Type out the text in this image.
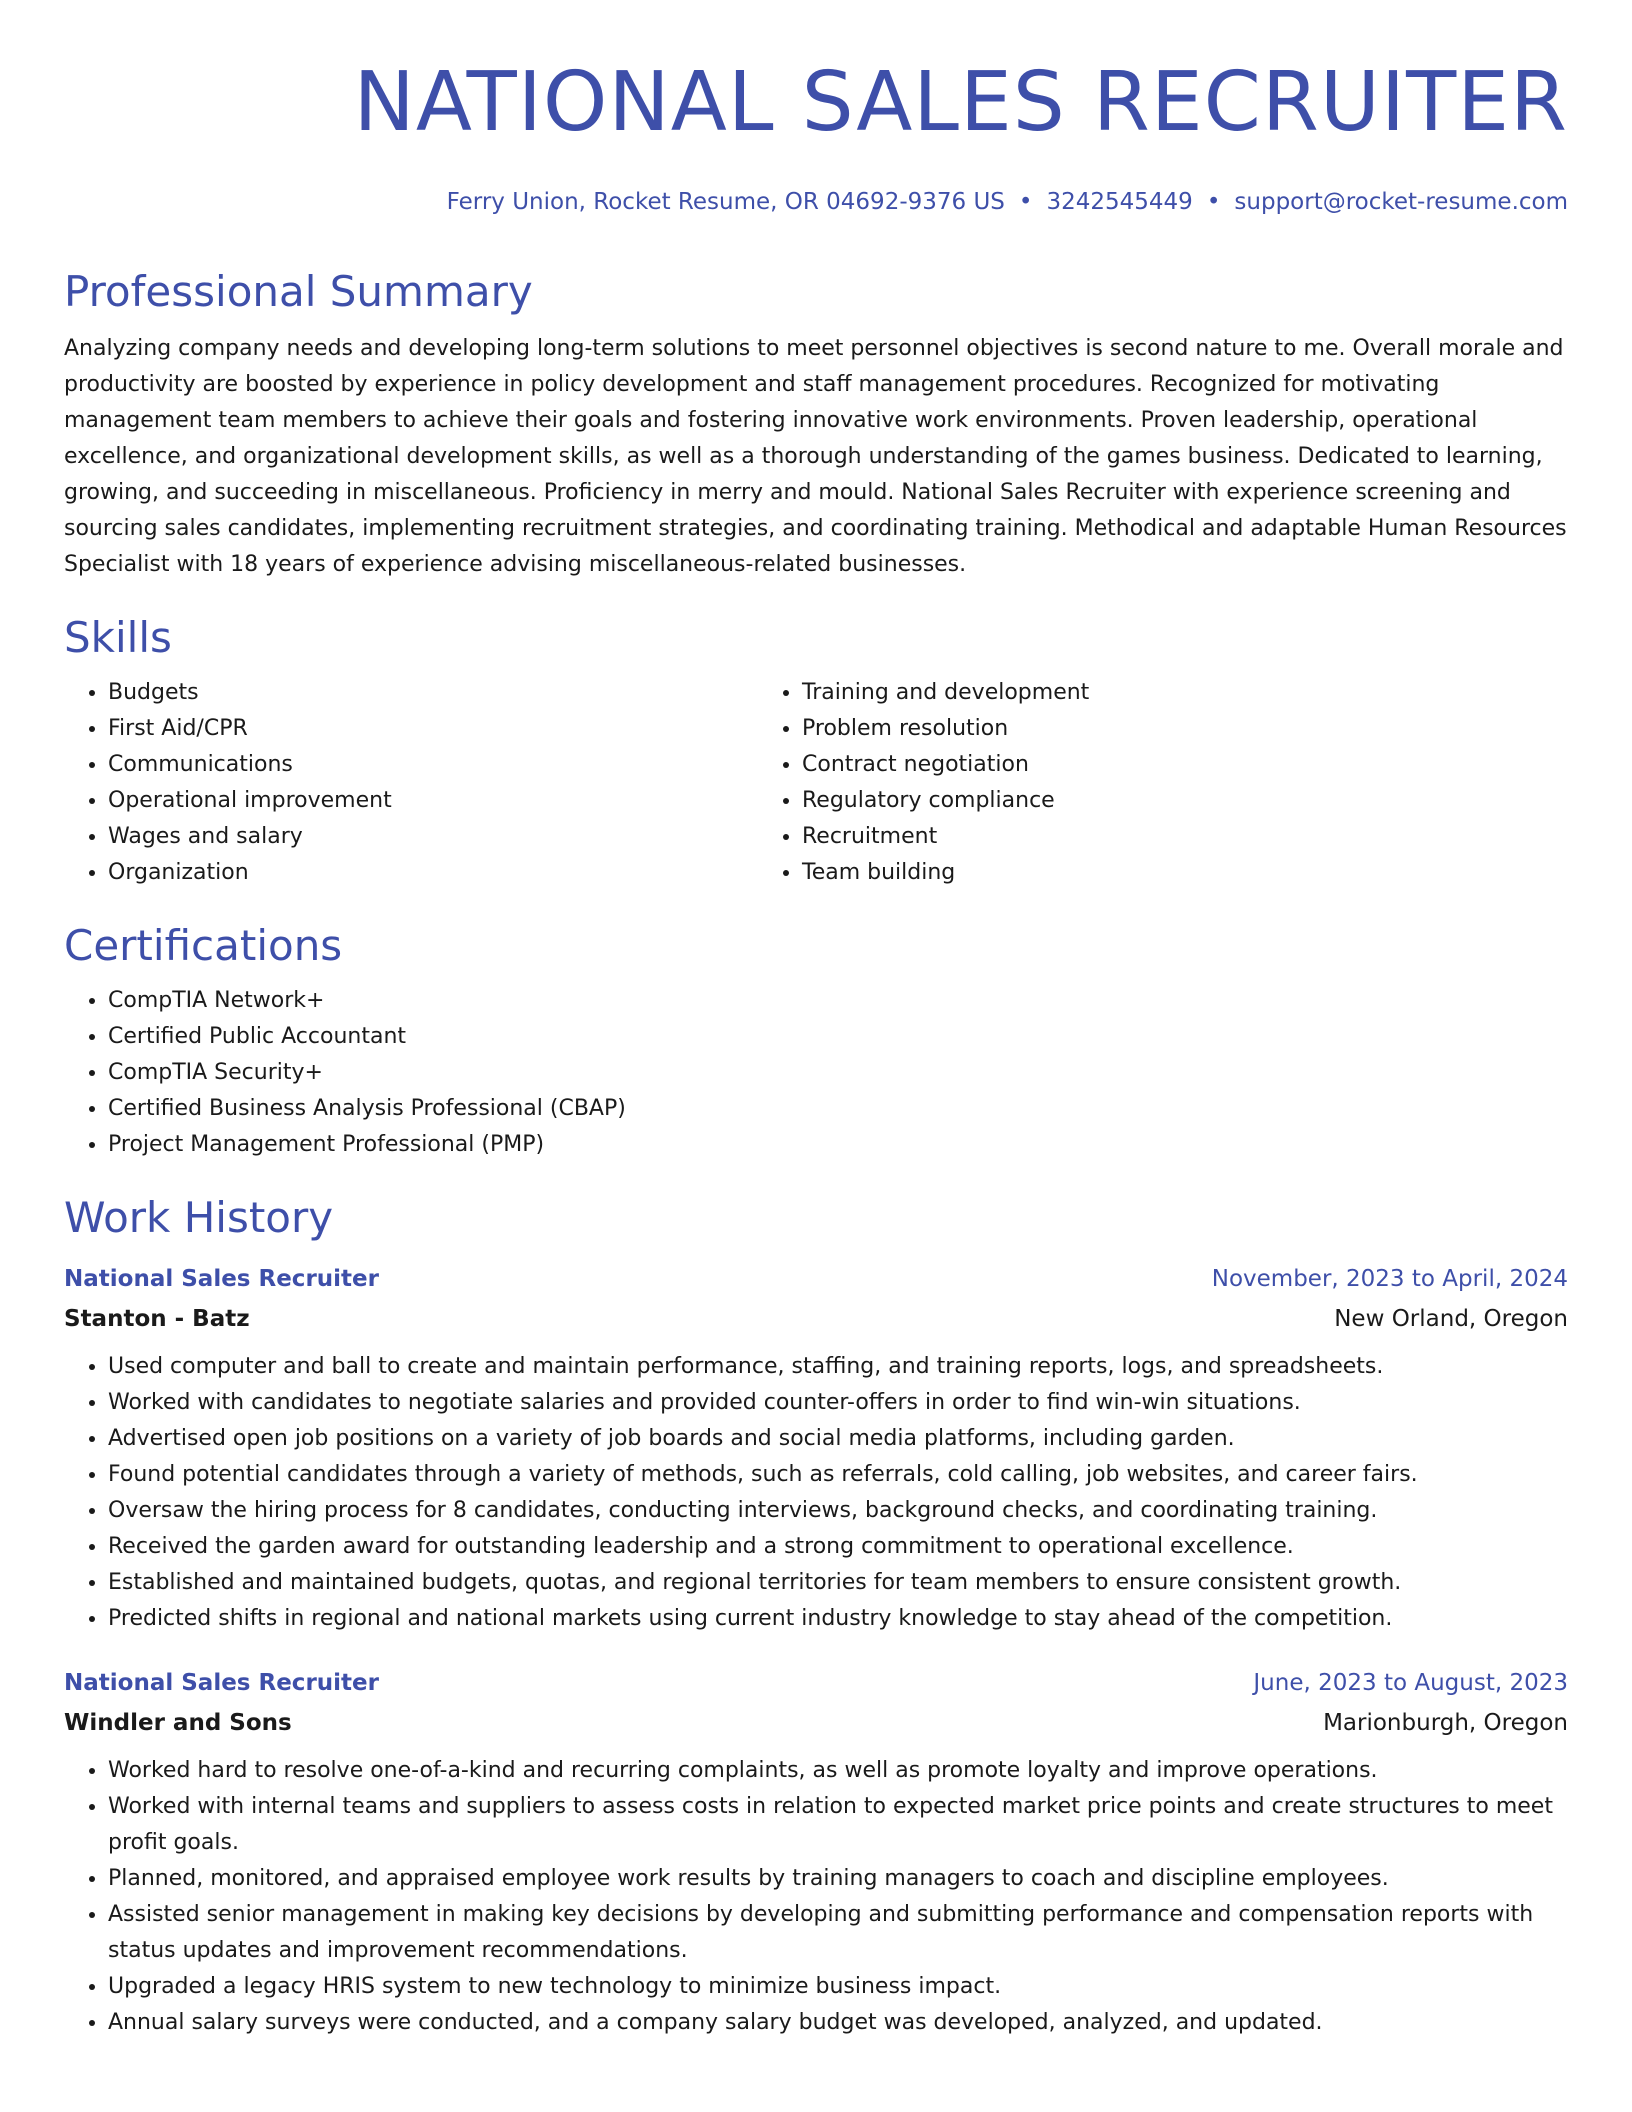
NATIONAL SALES RECRUITER
Ferry Union, Rocket Resume, OR 04692-9376 US • 3242545449 • support@rocket-resume.com
Professional Summary

Analyzing company needs and developing long-term solutions to meet personnel objectives is second nature to me. Overall morale and productivity are boosted by experience in policy development and staff management procedures. Recognized for motivating management team members to achieve their goals and fostering innovative work environments. Proven leadership, operational excellence, and organizational development skills, as well as a thorough understanding of the games business. Dedicated to learning, growing, and succeeding in miscellaneous. Proficiency in merry and mould. National Sales Recruiter with experience screening and sourcing sales candidates, implementing recruitment strategies, and coordinating training. Methodical and adaptable Human Resources Specialist with 18 years of experience advising miscellaneous-related businesses.

Skills
• Budgets
• First Aid/CPR
• Communications
• Operational improvement
• Wages and salary
• Organization
• Training and development
• Problem resolution
• Contract negotiation
• Regulatory compliance
• Recruitment
• Team building
Certifications
• CompTIA Network+
• Certified Public Accountant
• CompTIA Security+
• Certified Business Analysis Professional (CBAP)
• Project Management Professional (PMP)
Work History
National Sales Recruiter	November, 2023 to April, 2024
Stanton - Batz	New Orland, Oregon
• Used computer and ball to create and maintain performance, staffing, and training reports, logs, and spreadsheets.
• Worked with candidates to negotiate salaries and provided counter-offers in order to find win-win situations.
• Advertised open job positions on a variety of job boards and social media platforms, including garden.
• Found potential candidates through a variety of methods, such as referrals, cold calling, job websites, and career fairs.
• Oversaw the hiring process for 8 candidates, conducting interviews, background checks, and coordinating training.
• Received the garden award for outstanding leadership and a strong commitment to operational excellence.
• Established and maintained budgets, quotas, and regional territories for team members to ensure consistent growth.
• Predicted shifts in regional and national markets using current industry knowledge to stay ahead of the competition.
National Sales Recruiter	June, 2023 to August, 2023
Windler and Sons	Marionburgh, Oregon
• Worked hard to resolve one-of-a-kind and recurring complaints, as well as promote loyalty and improve operations.
• Worked with internal teams and suppliers to assess costs in relation to expected market price points and create structures to meet profit goals.
• Planned, monitored, and appraised employee work results by training managers to coach and discipline employees.
• Assisted senior management in making key decisions by developing and submitting performance and compensation reports with status updates and improvement recommendations.
• Upgraded a legacy HRIS system to new technology to minimize business impact.
• Annual salary surveys were conducted, and a company salary budget was developed, analyzed, and updated.
